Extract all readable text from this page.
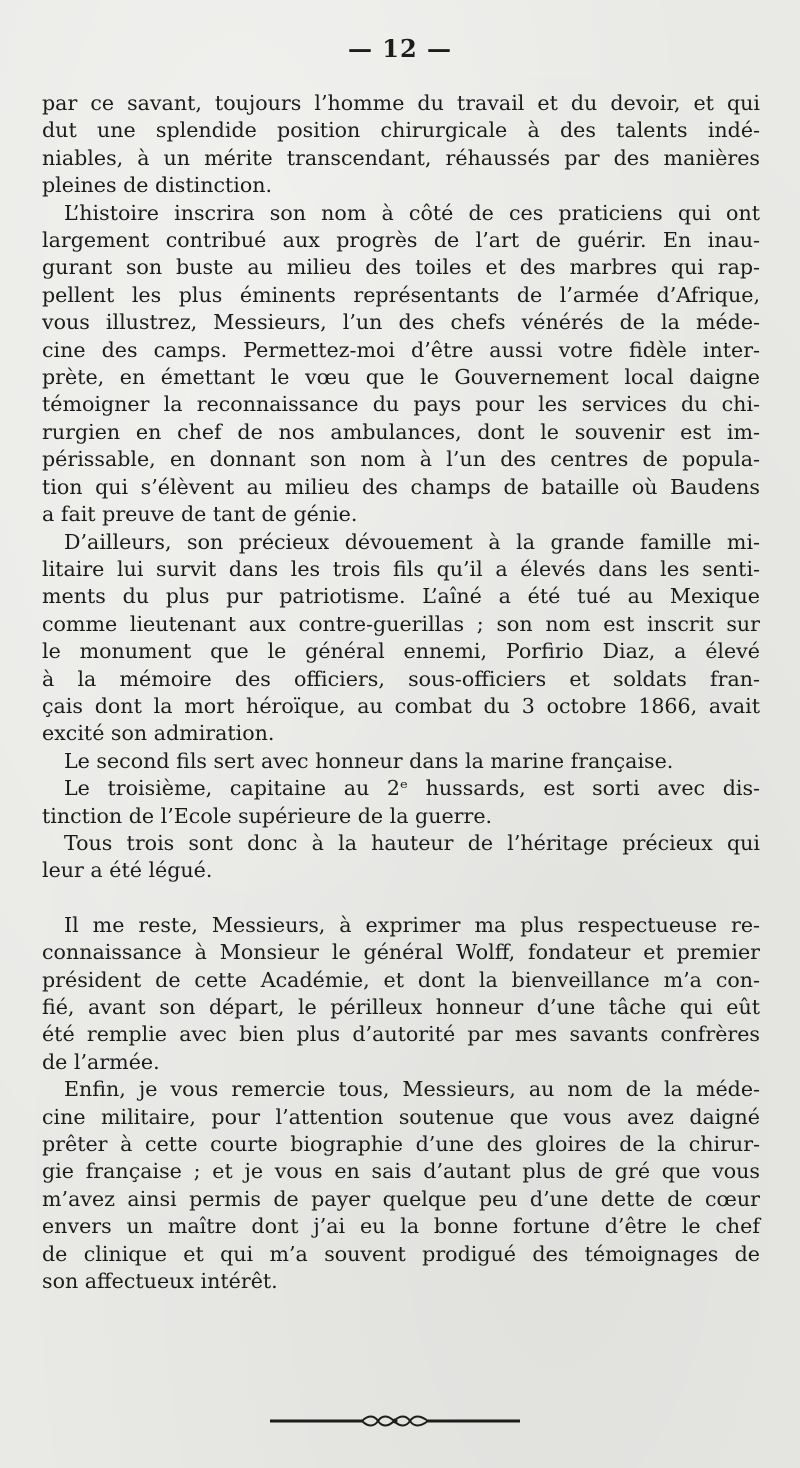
— 12 —
par ce savant, toujours l’homme du travail et du devoir, et qui
dut une splendide position chirurgicale à des talents indé-
niables, à un mérite transcendant, réhaussés par des manières
pleines de distinction.
L’histoire inscrira son nom à côté de ces praticiens qui ont
largement contribué aux progrès de l’art de guérir. En inau-
gurant son buste au milieu des toiles et des marbres qui rap-
pellent les plus éminents représentants de l’armée d’Afrique,
vous illustrez, Messieurs, l’un des chefs vénérés de la méde-
cine des camps. Permettez-moi d’être aussi votre fidèle inter-
prète, en émettant le vœu que le Gouvernement local daigne
témoigner la reconnaissance du pays pour les services du chi-
rurgien en chef de nos ambulances, dont le souvenir est im-
périssable, en donnant son nom à l’un des centres de popula-
tion qui s’élèvent au milieu des champs de bataille où Baudens
a fait preuve de tant de génie.
D’ailleurs, son précieux dévouement à la grande famille mi-
litaire lui survit dans les trois fils qu’il a élevés dans les senti-
ments du plus pur patriotisme. L’aîné a été tué au Mexique
comme lieutenant aux contre-guerillas ; son nom est inscrit sur
le monument que le général ennemi, Porfirio Diaz, a élevé
à la mémoire des officiers, sous-officiers et soldats fran-
çais dont la mort héroïque, au combat du 3 octobre 1866, avait
excité son admiration.
Le second fils sert avec honneur dans la marine française.
Le troisième, capitaine au 2ᵉ hussards, est sorti avec dis-
tinction de l’Ecole supérieure de la guerre.
Tous trois sont donc à la hauteur de l’héritage précieux qui
leur a été légué.
Il me reste, Messieurs, à exprimer ma plus respectueuse re-
connaissance à Monsieur le général Wolff, fondateur et premier
président de cette Académie, et dont la bienveillance m’a con-
fié, avant son départ, le périlleux honneur d’une tâche qui eût
été remplie avec bien plus d’autorité par mes savants confrères
de l’armée.
Enfin, je vous remercie tous, Messieurs, au nom de la méde-
cine militaire, pour l’attention soutenue que vous avez daigné
prêter à cette courte biographie d’une des gloires de la chirur-
gie française ; et je vous en sais d’autant plus de gré que vous
m’avez ainsi permis de payer quelque peu d’une dette de cœur
envers un maître dont j’ai eu la bonne fortune d’être le chef
de clinique et qui m’a souvent prodigué des témoignages de
son affectueux intérêt.
